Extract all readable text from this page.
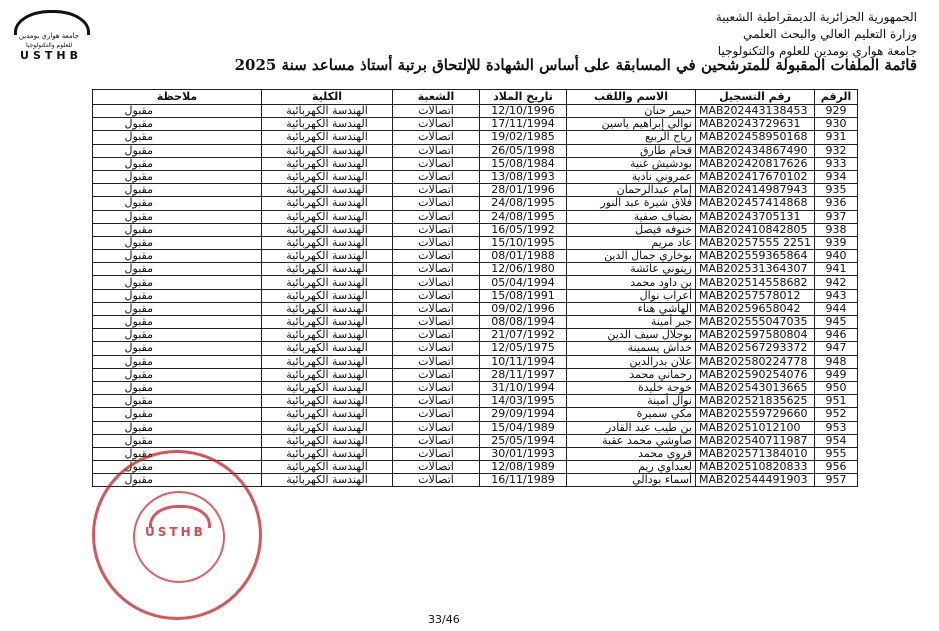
جامعة هواري بومدين
للعلوم والتكنولوجيا
USTHB
الجمهورية الجزائرية الديمقراطية الشعبية
وزارة التعليم العالي والبحث العلمي
جامعة هواري بومدين للعلوم والتكنولوجيا
قائمة الملفات المقبولة للمترشحين في المسابقة على أساس الشهادة للإلتحاق برتبة أستاذ مساعد سنة 2025
الرقم	رقم التسجيل	الاسم واللقب	تاريخ الملاد	الشعبة	الكلية	ملاحظة
929	MAB202443138453	حيمر حنان	12/10/1996	اتصالات	الهندسة الكهربائية	مقبول
930	MAB20243729631	نوالي إبراهيم ياسين	17/11/1994	اتصالات	الهندسة الكهربائية	مقبول
931	MAB202458950168	رياح الربيع	19/02/1985	اتصالات	الهندسة الكهربائية	مقبول
932	MAB202434867490	قحام طارق	26/05/1998	اتصالات	الهندسة الكهربائية	مقبول
933	MAB202420817626	بودشيش غنية	15/08/1984	اتصالات	الهندسة الكهربائية	مقبول
934	MAB202417670102	عمروني نادية	13/08/1993	اتصالات	الهندسة الكهربائية	مقبول
935	MAB202414987943	إمام عبدالرحمان	28/01/1996	اتصالات	الهندسة الكهربائية	مقبول
936	MAB202457414868	فلاق شيرة عبد النور	24/08/1995	اتصالات	الهندسة الكهربائية	مقبول
937	MAB20243705131	بضياف صفية	24/08/1995	اتصالات	الهندسة الكهربائية	مقبول
938	MAB202410842805	خنوفه فيصل	16/05/1992	اتصالات	الهندسة الكهربائية	مقبول
939	MAB20257555 2251	عاد مريم	15/10/1995	اتصالات	الهندسة الكهربائية	مقبول
940	MAB202559365864	بوخاري جمال الدين	08/01/1988	اتصالات	الهندسة الكهربائية	مقبول
941	MAB202531364307	زيتوني عائشة	12/06/1980	اتصالات	الهندسة الكهربائية	مقبول
942	MAB202514558682	بن داود محمد	05/04/1994	اتصالات	الهندسة الكهربائية	مقبول
943	MAB20257578012	أعراب نوال	15/08/1991	اتصالات	الهندسة الكهربائية	مقبول
944	MAB20259658042	الهاشي هناء	09/02/1996	اتصالات	الهندسة الكهربائية	مقبول
945	MAB202555047035	جبر أمينة	08/08/1994	اتصالات	الهندسة الكهربائية	مقبول
946	MAB202597580804	بوجلال سيف الدين	21/07/1992	اتصالات	الهندسة الكهربائية	مقبول
947	MAB202567293372	خداش يسمينة	12/05/1975	اتصالات	الهندسة الكهربائية	مقبول
948	MAB202580224778	علان بدرالدين	10/11/1994	اتصالات	الهندسة الكهربائية	مقبول
949	MAB202590254076	رحماني محمد	28/11/1997	اتصالات	الهندسة الكهربائية	مقبول
950	MAB202543013665	خوجة خليدة	31/10/1994	اتصالات	الهندسة الكهربائية	مقبول
951	MAB202521835625	نوال أمينة	14/03/1995	اتصالات	الهندسة الكهربائية	مقبول
952	MAB202559729660	مكي سميرة	29/09/1994	اتصالات	الهندسة الكهربائية	مقبول
953	MAB20251012100	بن طيب عبد القادر	15/04/1989	اتصالات	الهندسة الكهربائية	مقبول
954	MAB202540711987	صاوشي محمد عقبة	25/05/1994	اتصالات	الهندسة الكهربائية	مقبول
955	MAB202571384010	قروي محمد	30/01/1993	اتصالات	الهندسة الكهربائية	مقبول
956	MAB202510820833	لعبداوي ريم	12/08/1989	اتصالات	الهندسة الكهربائية	مقبول
957	MAB202544491903	أسماء بودالي	16/11/1989	اتصالات	الهندسة الكهربائية	مقبول
USTHB
33/46
